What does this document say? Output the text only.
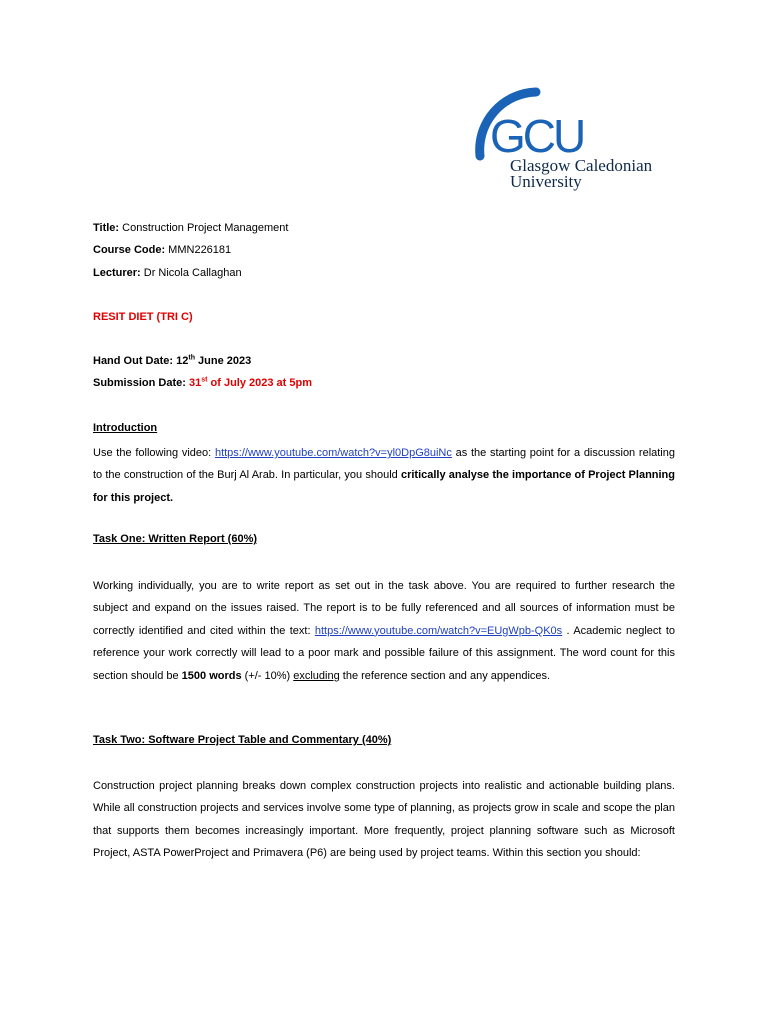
GCU
Glasgow Caledonian
University
Title: Construction Project Management
Course Code: MMN226181
Lecturer: Dr Nicola Callaghan
RESIT DIET (TRI C)
Hand Out Date: 12th June 2023
Submission Date: 31st of July 2023 at 5pm
Introduction
Use the following video: https://www.youtube.com/watch?v=yl0DpG8uiNc as the starting point for a discussion relating to the construction of the Burj Al Arab. In particular, you should critically analyse the importance of Project Planning for this project.
Task One: Written Report (60%)
Working individually, you are to write report as set out in the task above. You are required to further research the subject and expand on the issues raised. The report is to be fully referenced and all sources of information must be correctly identified and cited within the text: https://www.youtube.com/watch?v=EUgWpb-QK0s . Academic neglect to reference your work correctly will lead to a poor mark and possible failure of this assignment. The word count for this section should be 1500 words (+/- 10%) excluding the reference section and any appendices.
Task Two: Software Project Table and Commentary (40%)
Construction project planning breaks down complex construction projects into realistic and actionable building plans. While all construction projects and services involve some type of planning, as projects grow in scale and scope the plan that supports them becomes increasingly important. More frequently, project planning software such as Microsoft Project, ASTA PowerProject and Primavera (P6) are being used by project teams. Within this section you should:
